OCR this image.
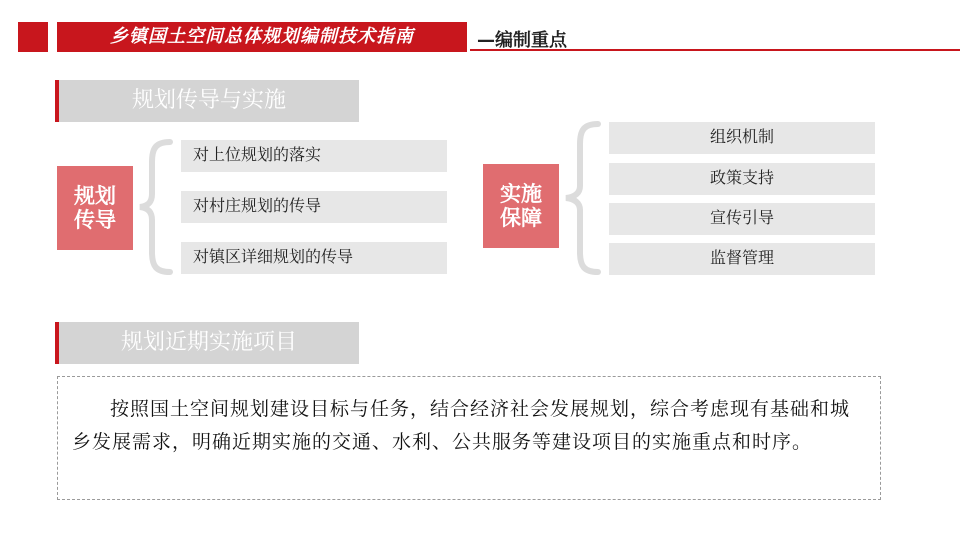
乡镇国土空间总体规划编制技术指南	—编制重点
规划传导与实施
规划
传导
对上位规划的落实
对村庄规划的传导
对镇区详细规划的传导
实施
保障
组织机制
政策支持
宣传引导
监督管理
规划近期实施项目
按照国土空间规划建设目标与任务，结合经济社会发展规划，综合考虑现有基础和城乡发展需求，明确近期实施的交通、水利、公共服务等建设项目的实施重点和时序。
